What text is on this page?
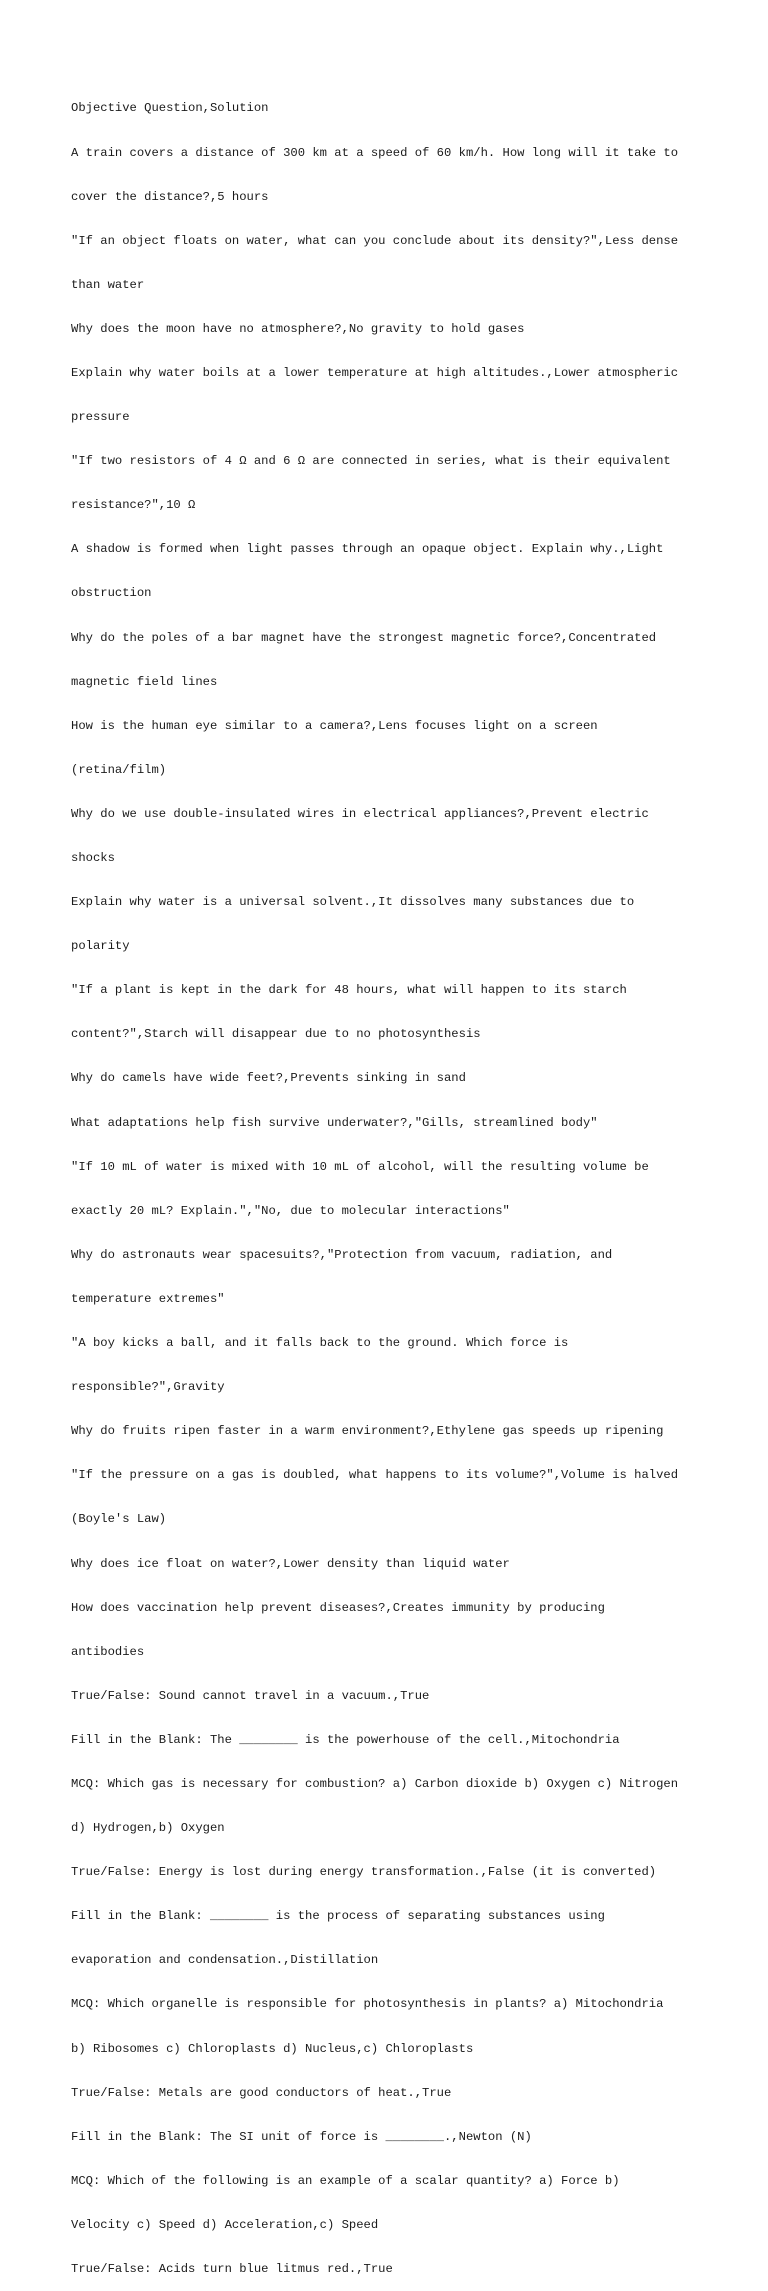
Objective Question,Solution

A train covers a distance of 300 km at a speed of 60 km/h. How long will it take to

cover the distance?,5 hours

"If an object floats on water, what can you conclude about its density?",Less dense

than water

Why does the moon have no atmosphere?,No gravity to hold gases

Explain why water boils at a lower temperature at high altitudes.,Lower atmospheric

pressure

"If two resistors of 4 Ω and 6 Ω are connected in series, what is their equivalent

resistance?",10 Ω

A shadow is formed when light passes through an opaque object. Explain why.,Light

obstruction

Why do the poles of a bar magnet have the strongest magnetic force?,Concentrated

magnetic field lines

How is the human eye similar to a camera?,Lens focuses light on a screen

(retina/film)

Why do we use double-insulated wires in electrical appliances?,Prevent electric

shocks

Explain why water is a universal solvent.,It dissolves many substances due to

polarity

"If a plant is kept in the dark for 48 hours, what will happen to its starch

content?",Starch will disappear due to no photosynthesis

Why do camels have wide feet?,Prevents sinking in sand

What adaptations help fish survive underwater?,"Gills, streamlined body"

"If 10 mL of water is mixed with 10 mL of alcohol, will the resulting volume be

exactly 20 mL? Explain.","No, due to molecular interactions"

Why do astronauts wear spacesuits?,"Protection from vacuum, radiation, and

temperature extremes"

"A boy kicks a ball, and it falls back to the ground. Which force is

responsible?",Gravity

Why do fruits ripen faster in a warm environment?,Ethylene gas speeds up ripening

"If the pressure on a gas is doubled, what happens to its volume?",Volume is halved

(Boyle's Law)

Why does ice float on water?,Lower density than liquid water

How does vaccination help prevent diseases?,Creates immunity by producing

antibodies

True/False: Sound cannot travel in a vacuum.,True

Fill in the Blank: The ________ is the powerhouse of the cell.,Mitochondria

MCQ: Which gas is necessary for combustion? a) Carbon dioxide b) Oxygen c) Nitrogen

d) Hydrogen,b) Oxygen

True/False: Energy is lost during energy transformation.,False (it is converted)

Fill in the Blank: ________ is the process of separating substances using

evaporation and condensation.,Distillation

MCQ: Which organelle is responsible for photosynthesis in plants? a) Mitochondria

b) Ribosomes c) Chloroplasts d) Nucleus,c) Chloroplasts

True/False: Metals are good conductors of heat.,True

Fill in the Blank: The SI unit of force is ________.,Newton (N)

MCQ: Which of the following is an example of a scalar quantity? a) Force b)

Velocity c) Speed d) Acceleration,c) Speed

True/False: Acids turn blue litmus red.,True
